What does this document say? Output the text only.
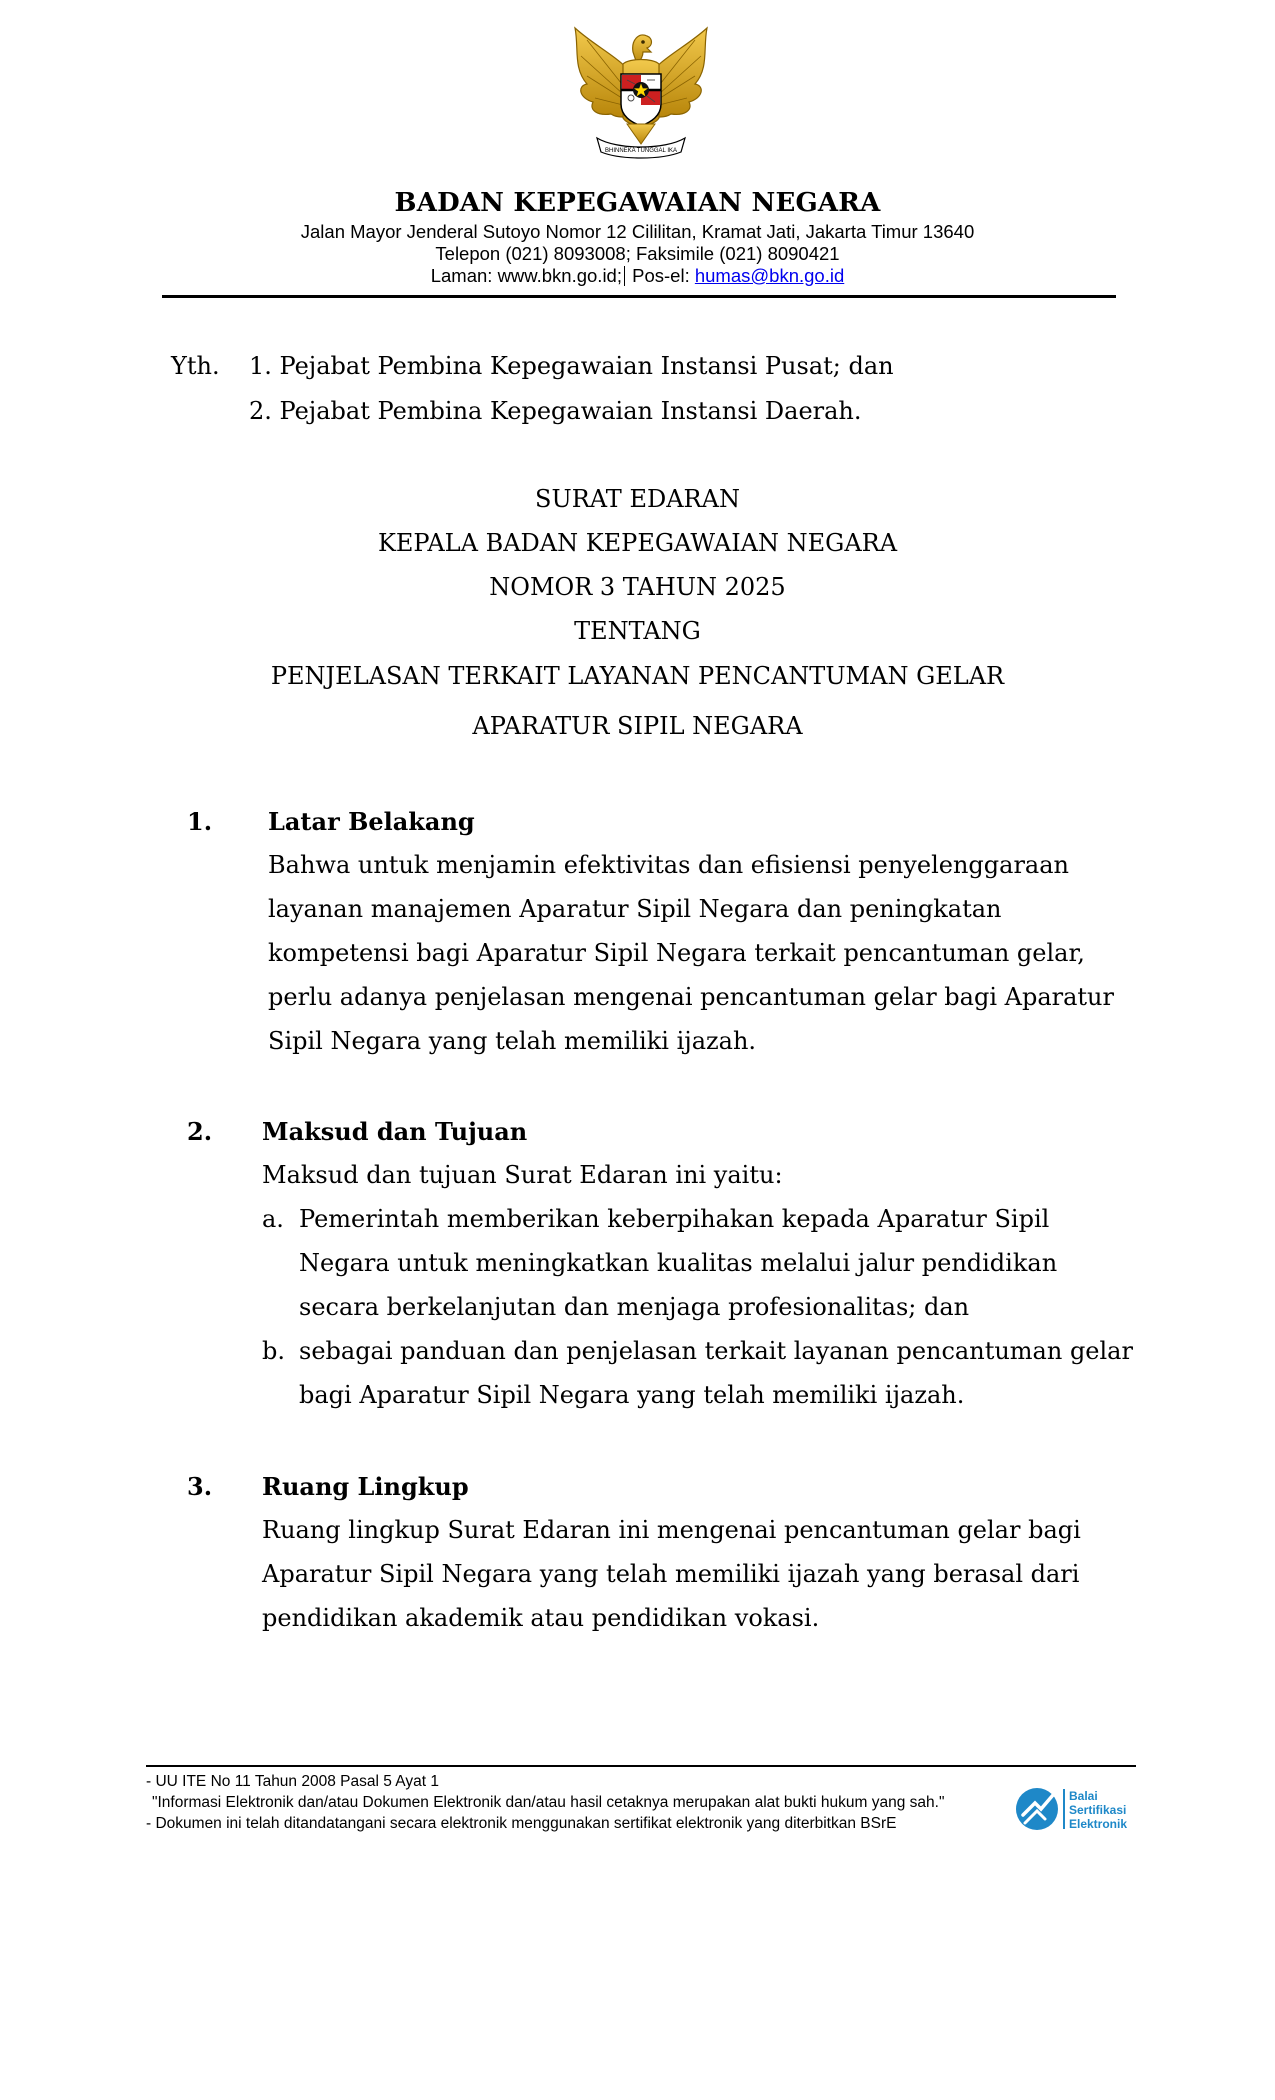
BHINNEKA TUNGGAL IKA
BADAN KEPEGAWAIAN NEGARA
Jalan Mayor Jenderal Sutoyo Nomor 12 Cililitan, Kramat Jati, Jakarta Timur 13640
Telepon (021) 8093008; Faksimile (021) 8090421
Laman: www.bkn.go.id; Pos-el: humas@bkn.go.id
Yth. 1. Pejabat Pembina Kepegawaian Instansi Pusat; dan
2. Pejabat Pembina Kepegawaian Instansi Daerah.
SURAT EDARAN
KEPALA BADAN KEPEGAWAIAN NEGARA
NOMOR 3 TAHUN 2025
TENTANG
PENJELASAN TERKAIT LAYANAN PENCANTUMAN GELAR
APARATUR SIPIL NEGARA
1. Latar Belakang
Bahwa untuk menjamin efektivitas dan efisiensi penyelenggaraan
layanan manajemen Aparatur Sipil Negara dan peningkatan
kompetensi bagi Aparatur Sipil Negara terkait pencantuman gelar,
perlu adanya penjelasan mengenai pencantuman gelar bagi Aparatur
Sipil Negara yang telah memiliki ijazah.
2. Maksud dan Tujuan
Maksud dan tujuan Surat Edaran ini yaitu:
a. Pemerintah memberikan keberpihakan kepada Aparatur Sipil
Negara untuk meningkatkan kualitas melalui jalur pendidikan
secara berkelanjutan dan menjaga profesionalitas; dan
b. sebagai panduan dan penjelasan terkait layanan pencantuman gelar
bagi Aparatur Sipil Negara yang telah memiliki ijazah.
3. Ruang Lingkup
Ruang lingkup Surat Edaran ini mengenai pencantuman gelar bagi
Aparatur Sipil Negara yang telah memiliki ijazah yang berasal dari
pendidikan akademik atau pendidikan vokasi.
- UU ITE No 11 Tahun 2008 Pasal 5 Ayat 1
"Informasi Elektronik dan/atau Dokumen Elektronik dan/atau hasil cetaknya merupakan alat bukti hukum yang sah."
- Dokumen ini telah ditandatangani secara elektronik menggunakan sertifikat elektronik yang diterbitkan BSrE
Balai
Sertifikasi
Elektronik
